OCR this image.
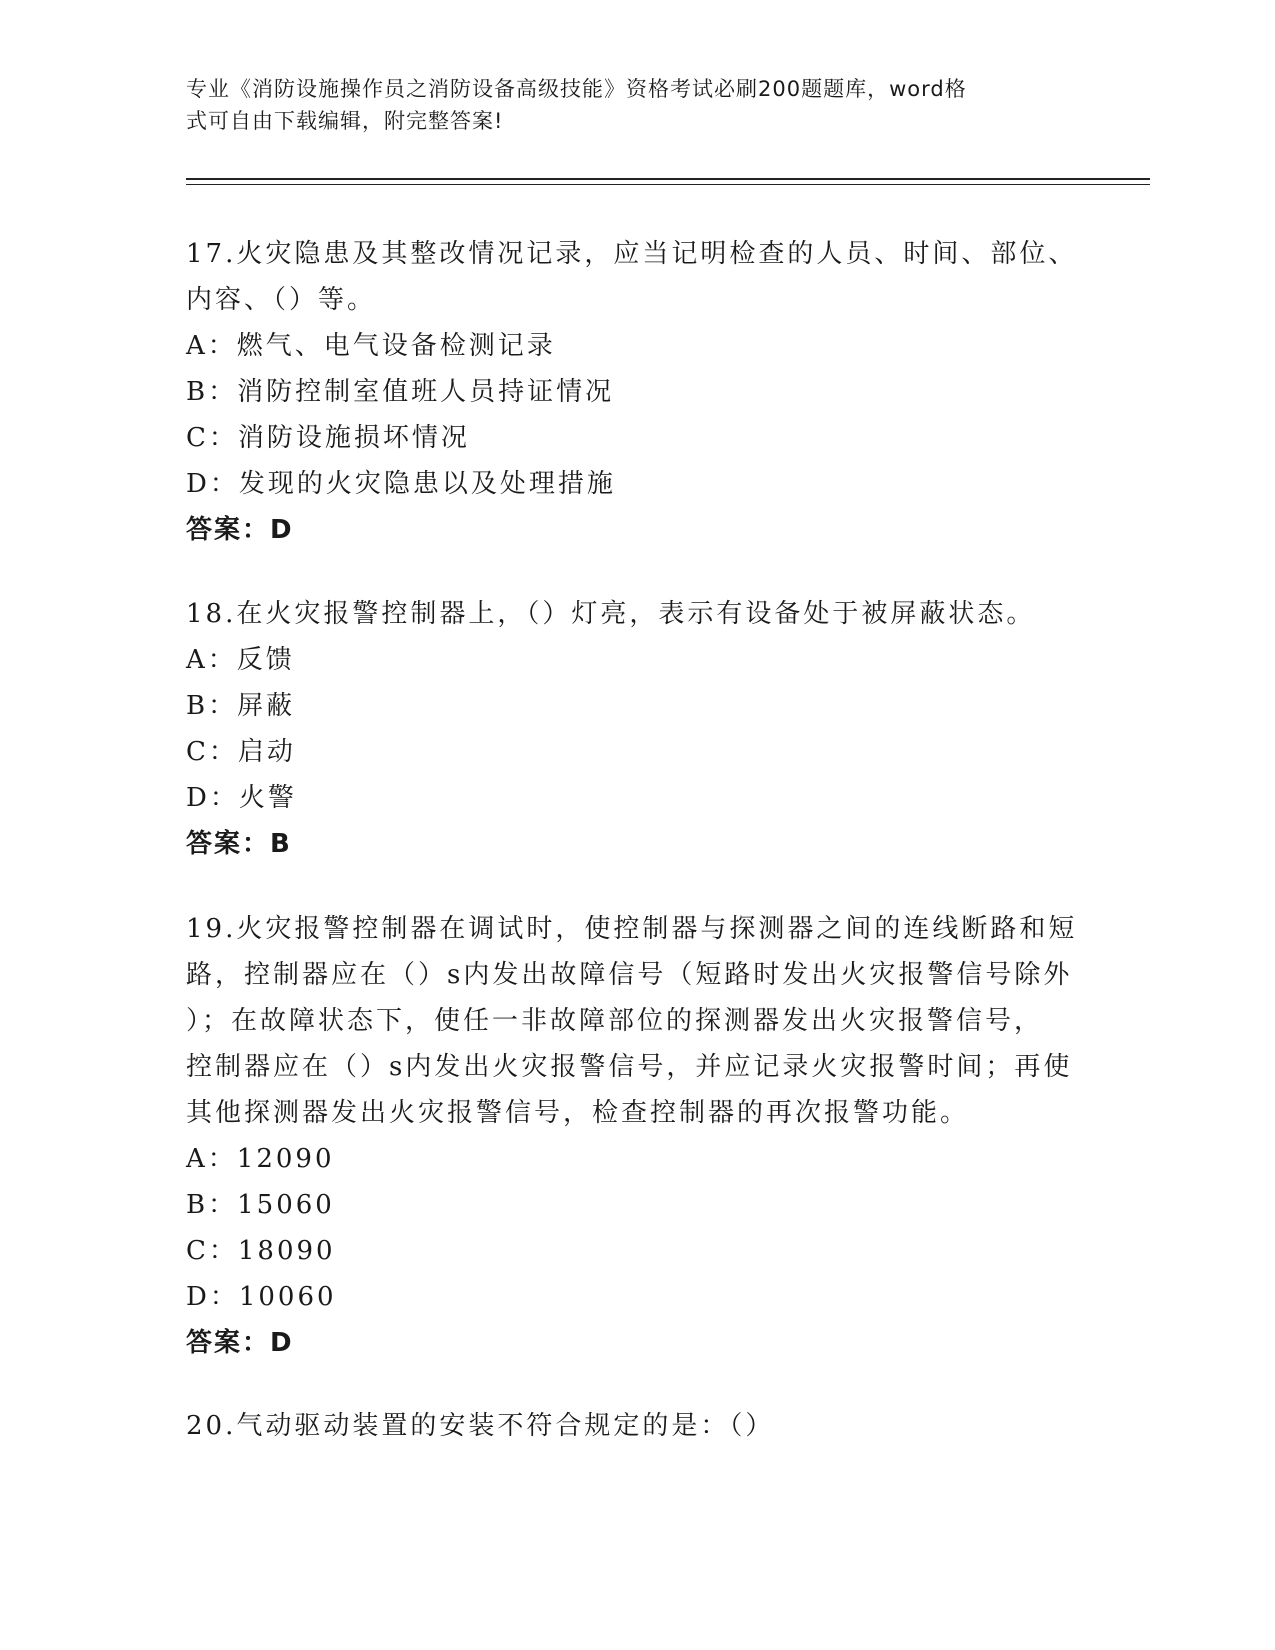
专业《消防设施操作员之消防设备高级技能》资格考试必刷200题题库，word格
式可自由下载编辑，附完整答案!
17.火灾隐患及其整改情况记录，应当记明检查的人员、时间、部位、
内容、（）等。
A：燃气、电气设备检测记录
B：消防控制室值班人员持证情况
C：消防设施损坏情况
D：发现的火灾隐患以及处理措施
答案：D
18.在火灾报警控制器上，（）灯亮，表示有设备处于被屏蔽状态。
A：反馈
B：屏蔽
C：启动
D：火警
答案：B
19.火灾报警控制器在调试时，使控制器与探测器之间的连线断路和短
路，控制器应在（）s内发出故障信号（短路时发出火灾报警信号除外
）；在故障状态下，使任一非故障部位的探测器发出火灾报警信号，
控制器应在（）s内发出火灾报警信号，并应记录火灾报警时间；再使
其他探测器发出火灾报警信号，检查控制器的再次报警功能。
A：12090
B：15060
C：18090
D：10060
答案：D
20.气动驱动装置的安装不符合规定的是：（）
